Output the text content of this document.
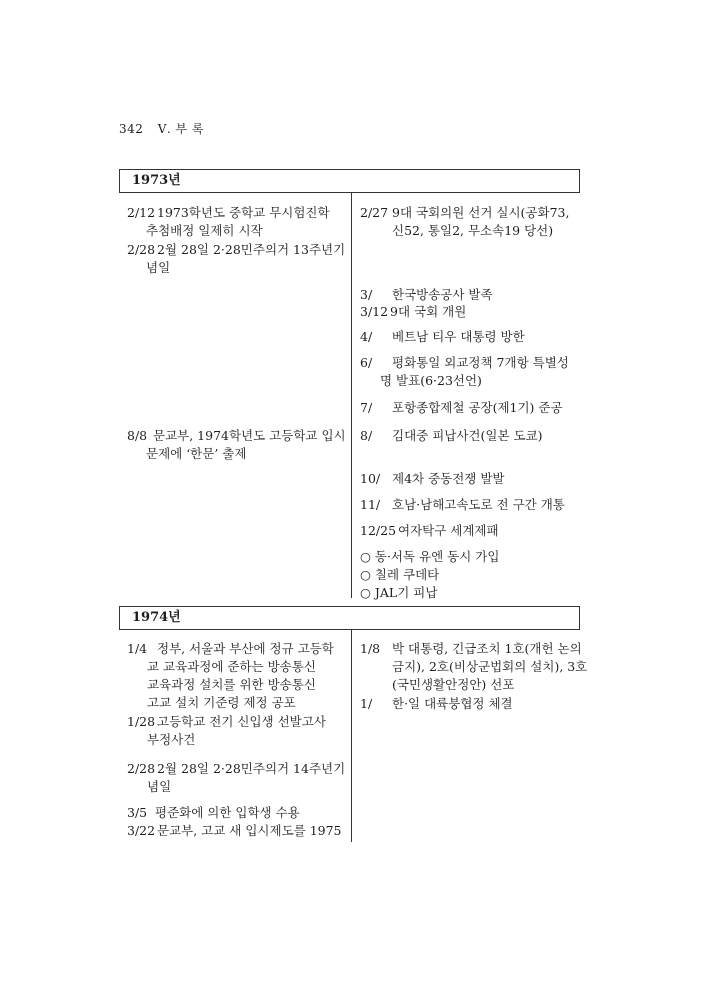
342 Ⅴ. 부 록
1973년
2/12 1973학년도 중학교 무시험진학
추첨배정 일제히 시작
2/28 2월 28일 2·28민주의거 13주년기
념일
8/8 문교부, 1974학년도 고등학교 입시
문제에 ‘한문’ 출제
2/27 9대 국회의원 선거 실시(공화73,
신52, 통일2, 무소속19 당선)
3/ 한국방송공사 발족
3/12 9대 국회 개원
4/ 베트남 티우 대통령 방한
6/ 평화통일 외교정책 7개항 특별성
명 발표(6·23선언)
7/ 포항종합제철 공장(제1기) 준공
8/ 김대중 피납사건(일본 도쿄)
10/ 제4차 중동전쟁 발발
11/ 호남·남해고속도로 전 구간 개통
12/25 여자탁구 세계제패
○ 동·서독 유엔 동시 가입
○ 칠레 쿠데타
○ JAL기 피납
1974년
1/4 정부, 서울과 부산에 정규 고등학
교 교육과정에 준하는 방송통신
교육과정 설치를 위한 방송통신
고교 설치 기준령 제정 공포
1/28 고등학교 전기 신입생 선발고사
부정사건
2/28 2월 28일 2·28민주의거 14주년기
념일
3/5 평준화에 의한 입학생 수용
3/22 문교부, 고교 새 입시제도를 1975
1/8 박 대통령, 긴급조치 1호(개헌 논의
금지), 2호(비상군법회의 설치), 3호
(국민생활안정안) 선포
1/ 한·일 대륙붕협정 체결
